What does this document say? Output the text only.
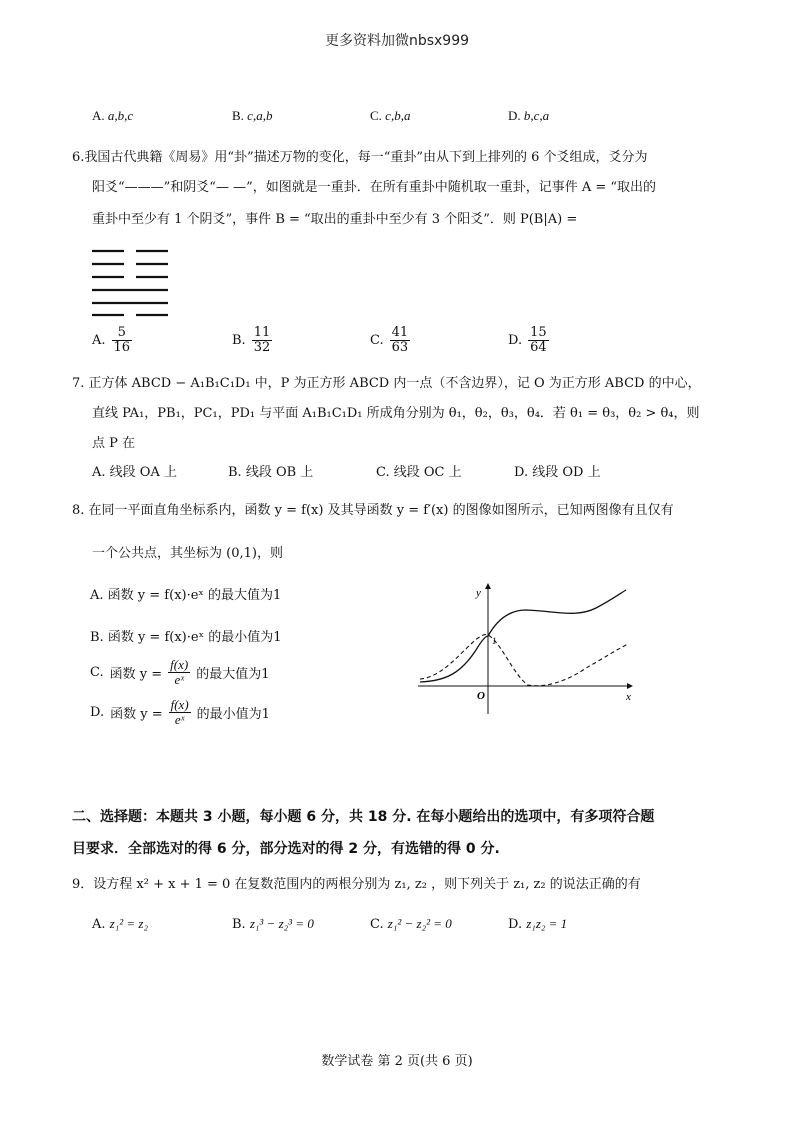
更多资料加微nbsx999
A. a,b,c	B. c,a,b	C. c,b,a	D. b,c,a
6.我国古代典籍《周易》用“卦”描述万物的变化，每一“重卦”由从下到上排列的 6 个爻组成，爻分为
阳爻“———”和阴爻“— —”，如图就是一重卦．在所有重卦中随机取一重卦，记事件 A = “取出的
重卦中至少有 1 个阴爻”，事件 B = “取出的重卦中至少有 3 个阳爻”．则 P(B|A) =
A. $\frac{5}{16}$	B. $\frac{11}{32}$	C. $\frac{41}{63}$	D. $\frac{15}{64}$
7. 正方体 ABCD − A₁B₁C₁D₁ 中，P 为正方形 ABCD 内一点（不含边界），记 O 为正方形 ABCD 的中心，
直线 PA₁，PB₁，PC₁，PD₁ 与平面 A₁B₁C₁D₁ 所成角分别为 θ₁，θ₂，θ₃，θ₄．若 θ₁ = θ₃，θ₂ > θ₄，则
点 P 在
A. 线段 OA 上	B. 线段 OB 上	C. 线段 OC 上	D. 线段 OD 上
8. 在同一平面直角坐标系内，函数 y = f(x) 及其导函数 y = f′(x) 的图像如图所示，已知两图像有且仅有
一个公共点，其坐标为 (0,1)，则
A. 函数 y = f(x)·eˣ 的最大值为1
B. 函数 y = f(x)·eˣ 的最小值为1
C. 函数 $y = \frac{f(x)}{\text{eˣ}}$ 的最大值为1
D. 函数 $y = \frac{f(x)}{\text{eˣ}}$ 的最小值为1
y
x
O
1
二、选择题：本题共 3 小题，每小题 6 分，共 18 分. 在每小题给出的选项中，有多项符合题
目要求．全部选对的得 6 分，部分选对的得 2 分，有选错的得 0 分.
9．设方程 x² + x + 1 = 0 在复数范围内的两根分别为 z₁, z₂ ，则下列关于 z₁, z₂ 的说法正确的有
A. z₁² = z₂	B. z₁³ − z₂³ = 0	C. z₁² − z₂² = 0	D. z₁z₂ = 1
数学试卷 第 2 页(共 6 页)
